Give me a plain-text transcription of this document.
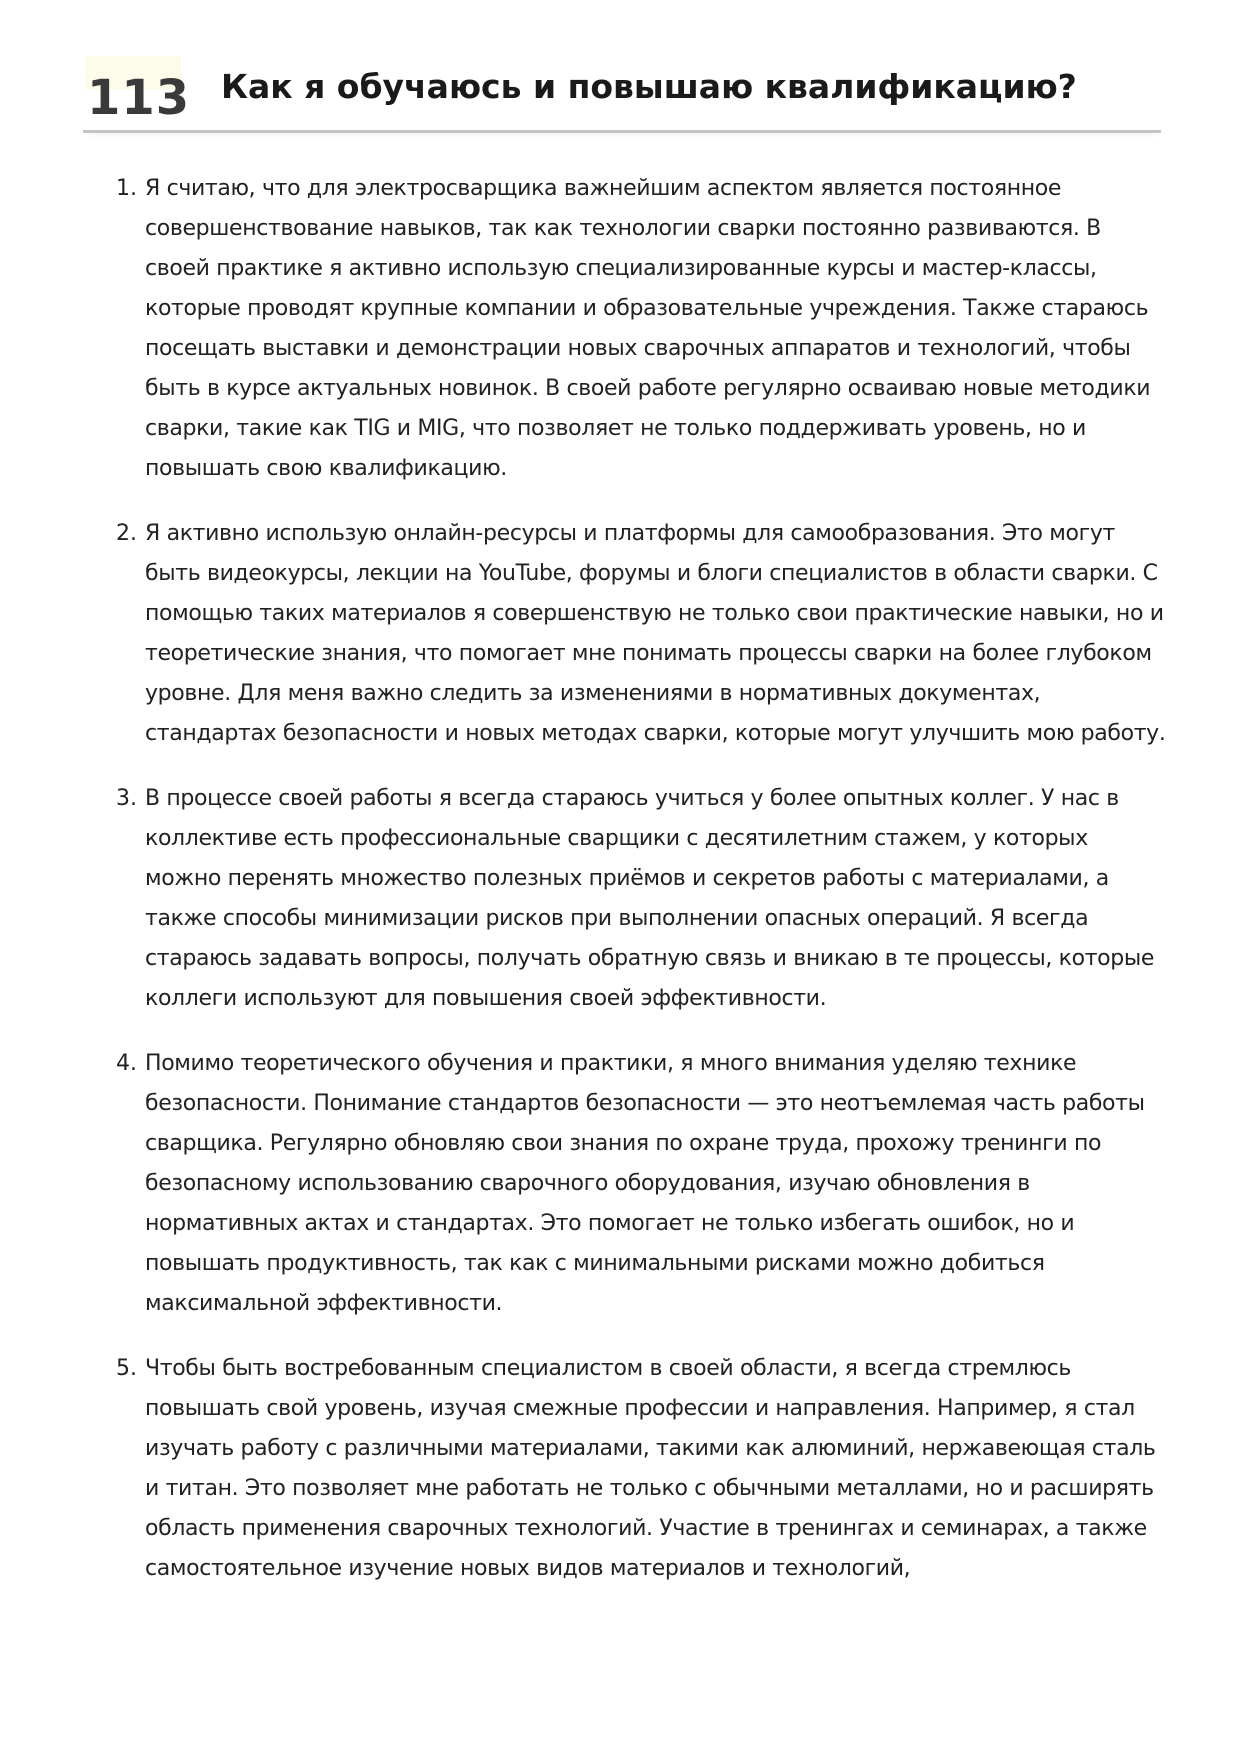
113 Как я обучаюсь и повышаю квалификацию?
1. Я считаю, что для электросварщика важнейшим аспектом является постоянное совершенствование навыков, так как технологии сварки постоянно развиваются. В своей практике я активно использую специализированные курсы и мастер-классы, которые проводят крупные компании и образовательные учреждения. Также стараюсь посещать выставки и демонстрации новых сварочных аппаратов и технологий, чтобы быть в курсе актуальных новинок. В своей работе регулярно осваиваю новые методики сварки, такие как TIG и MIG, что позволяет не только поддерживать уровень, но и повышать свою квалификацию.
2. Я активно использую онлайн-ресурсы и платформы для самообразования. Это могут быть видеокурсы, лекции на YouTube, форумы и блоги специалистов в области сварки. С помощью таких материалов я совершенствую не только свои практические навыки, но и теоретические знания, что помогает мне понимать процессы сварки на более глубоком уровне. Для меня важно следить за изменениями в нормативных документах, стандартах безопасности и новых методах сварки, которые могут улучшить мою работу.
3. В процессе своей работы я всегда стараюсь учиться у более опытных коллег. У нас в коллективе есть профессиональные сварщики с десятилетним стажем, у которых можно перенять множество полезных приёмов и секретов работы с материалами, а также способы минимизации рисков при выполнении опасных операций. Я всегда стараюсь задавать вопросы, получать обратную связь и вникаю в те процессы, которые коллеги используют для повышения своей эффективности.
4. Помимо теоретического обучения и практики, я много внимания уделяю технике безопасности. Понимание стандартов безопасности — это неотъемлемая часть работы сварщика. Регулярно обновляю свои знания по охране труда, прохожу тренинги по безопасному использованию сварочного оборудования, изучаю обновления в нормативных актах и стандартах. Это помогает не только избегать ошибок, но и повышать продуктивность, так как с минимальными рисками можно добиться максимальной эффективности.
5. Чтобы быть востребованным специалистом в своей области, я всегда стремлюсь повышать свой уровень, изучая смежные профессии и направления. Например, я стал изучать работу с различными материалами, такими как алюминий, нержавеющая сталь и титан. Это позволяет мне работать не только с обычными металлами, но и расширять область применения сварочных технологий. Участие в тренингах и семинарах, а также самостоятельное изучение новых видов материалов и технологий,
